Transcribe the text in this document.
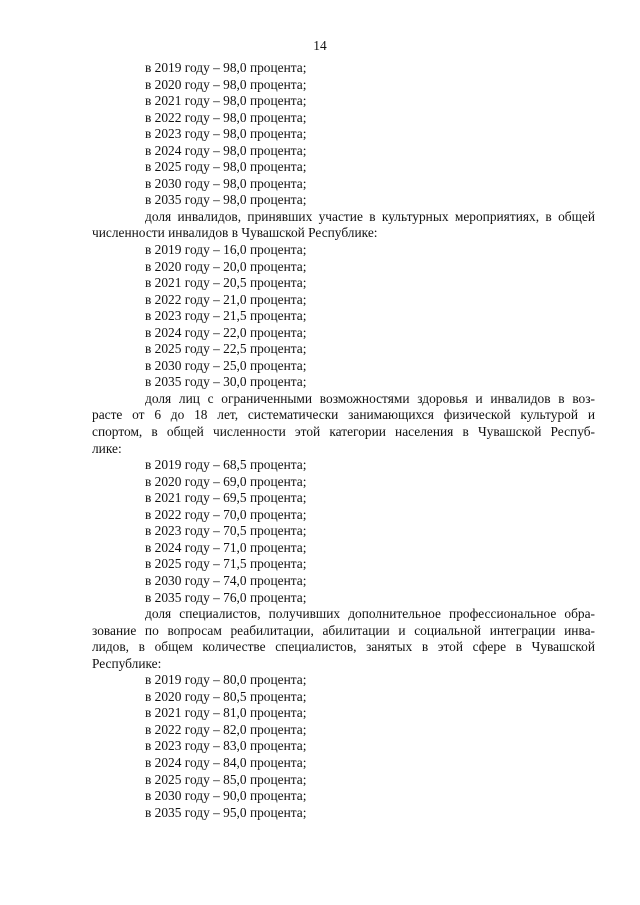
14
в 2019 году – 98,0 процента;
в 2020 году – 98,0 процента;
в 2021 году – 98,0 процента;
в 2022 году – 98,0 процента;
в 2023 году – 98,0 процента;
в 2024 году – 98,0 процента;
в 2025 году – 98,0 процента;
в 2030 году – 98,0 процента;
в 2035 году – 98,0 процента;
доля инвалидов, принявших участие в культурных мероприятиях, в общей
численности инвалидов в Чувашской Республике:
в 2019 году – 16,0 процента;
в 2020 году – 20,0 процента;
в 2021 году – 20,5 процента;
в 2022 году – 21,0 процента;
в 2023 году – 21,5 процента;
в 2024 году – 22,0 процента;
в 2025 году – 22,5 процента;
в 2030 году – 25,0 процента;
в 2035 году – 30,0 процента;
доля лиц с ограниченными возможностями здоровья и инвалидов в воз-
расте от 6 до 18 лет, систематически занимающихся физической культурой и
спортом, в общей численности этой категории населения в Чувашской Респуб-
лике:
в 2019 году – 68,5 процента;
в 2020 году – 69,0 процента;
в 2021 году – 69,5 процента;
в 2022 году – 70,0 процента;
в 2023 году – 70,5 процента;
в 2024 году – 71,0 процента;
в 2025 году – 71,5 процента;
в 2030 году – 74,0 процента;
в 2035 году – 76,0 процента;
доля специалистов, получивших дополнительное профессиональное обра-
зование по вопросам реабилитации, абилитации и социальной интеграции инва-
лидов, в общем количестве специалистов, занятых в этой сфере в Чувашской
Республике:
в 2019 году – 80,0 процента;
в 2020 году – 80,5 процента;
в 2021 году – 81,0 процента;
в 2022 году – 82,0 процента;
в 2023 году – 83,0 процента;
в 2024 году – 84,0 процента;
в 2025 году – 85,0 процента;
в 2030 году – 90,0 процента;
в 2035 году – 95,0 процента;
